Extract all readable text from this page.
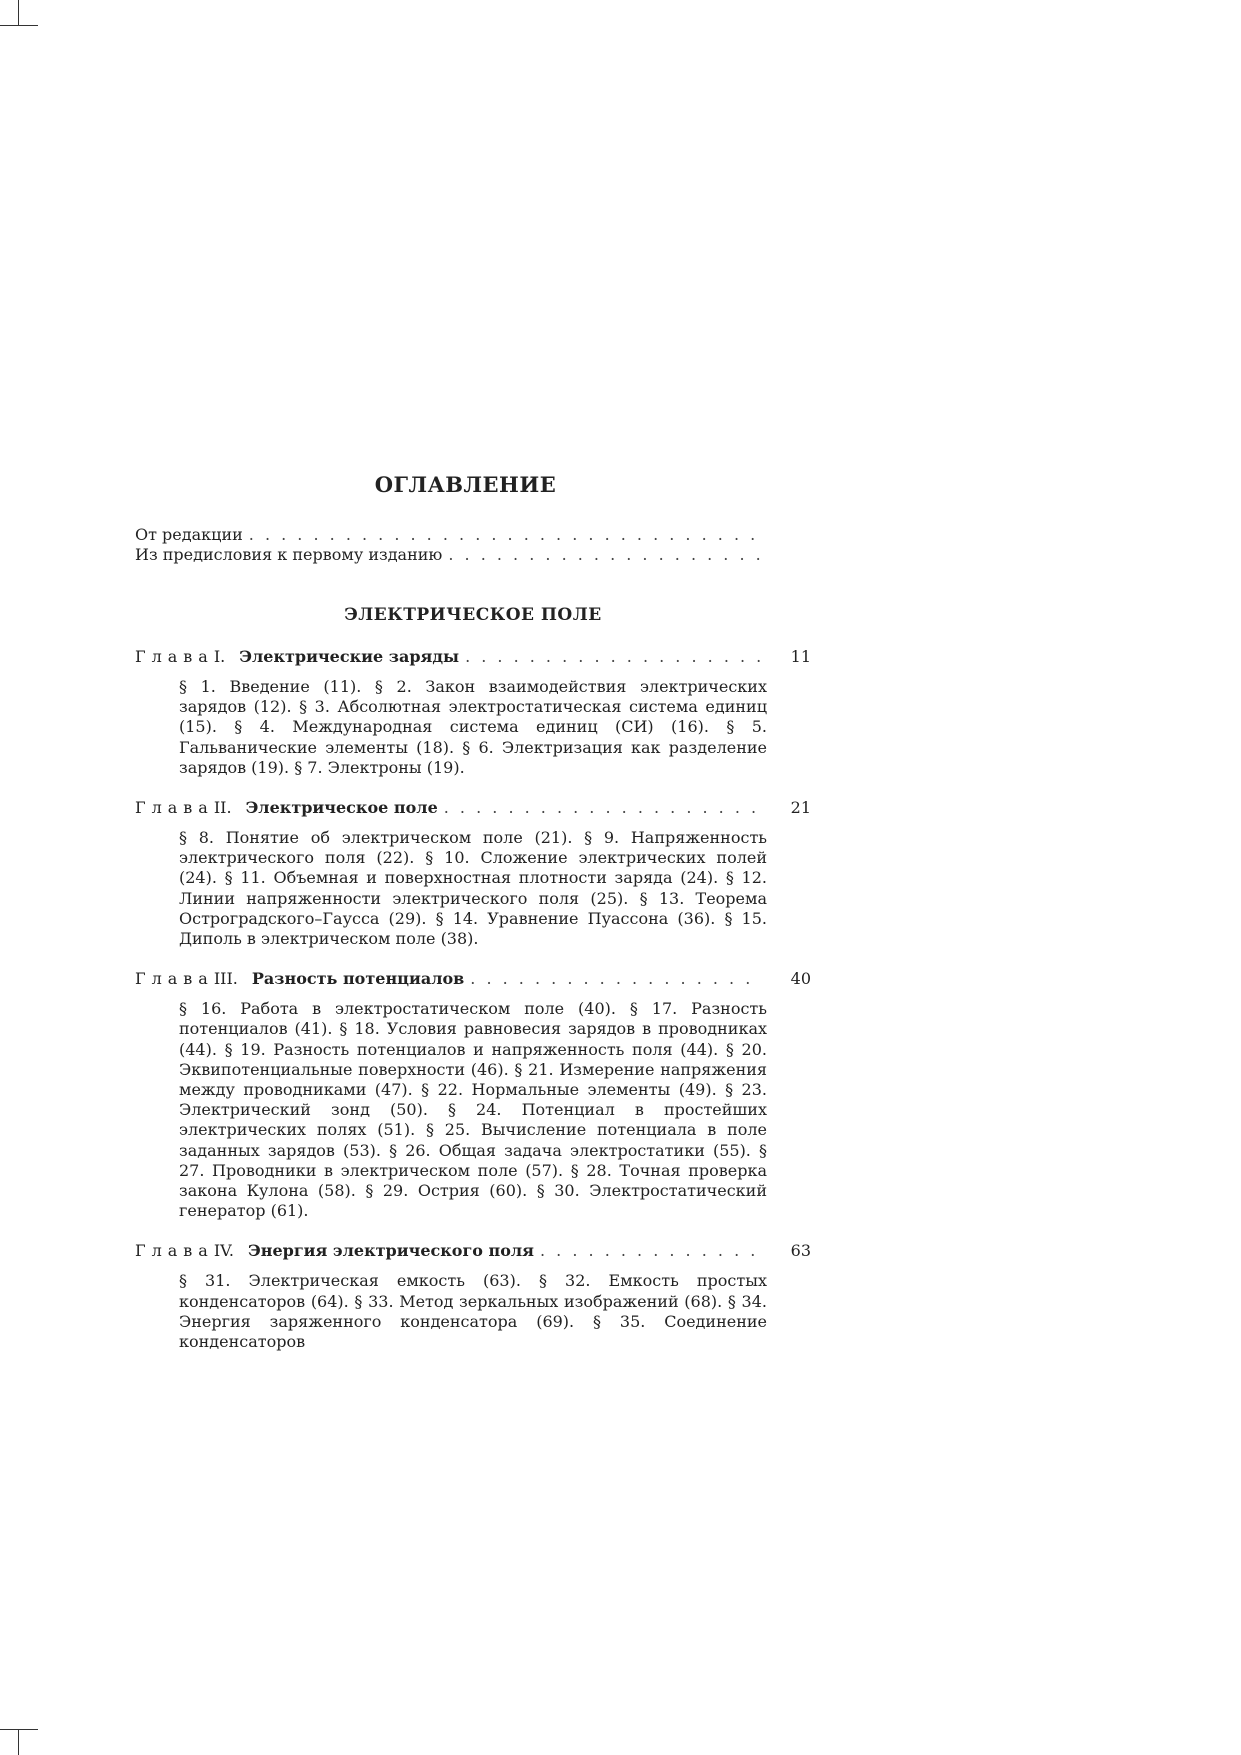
ОГЛАВЛЕНИЕ
От редакции
. . .
Из предисловия к первому изданию
. . .
ЭЛЕКТРИЧЕСКОЕ ПОЛЕ
Глава I. Электрические заряды . . .	11
§ 1. Введение (11). § 2. Закон взаимодействия электрических зарядов (12). § 3. Абсолютная электростатическая система единиц (15). § 4. Международная система единиц (СИ) (16). § 5. Гальванические элементы (18). § 6. Электризация как разделение зарядов (19). § 7. Электроны (19).
Глава II. Электрическое поле . . .	21
§ 8. Понятие об электрическом поле (21). § 9. Напряженность электрического поля (22). § 10. Сложение электрических полей (24). § 11. Объемная и поверхностная плотности заряда (24). § 12. Линии напряженности электрического поля (25). § 13. Теорема Остроградского–Гаусса (29). § 14. Уравнение Пуассона (36). § 15. Диполь в электрическом поле (38).
Глава III. Разность потенциалов . . .	40
§ 16. Работа в электростатическом поле (40). § 17. Разность потенциалов (41). § 18. Условия равновесия зарядов в проводниках (44). § 19. Разность потенциалов и напряженность поля (44). § 20. Эквипотенциальные поверхности (46). § 21. Измерение напряжения между проводниками (47). § 22. Нормальные элементы (49). § 23. Электрический зонд (50). § 24. Потенциал в простейших электрических полях (51). § 25. Вычисление потенциала в поле заданных зарядов (53). § 26. Общая задача электростатики (55). § 27. Проводники в электрическом поле (57). § 28. Точная проверка закона Кулона (58). § 29. Острия (60). § 30. Электростатический генератор (61).
Глава IV. Энергия электрического поля . . .	63
§ 31. Электрическая емкость (63). § 32. Емкость простых конденсаторов (64). § 33. Метод зеркальных изображений (68). § 34. Энергия заряженного конденсатора (69). § 35. Соединение конденсаторов
